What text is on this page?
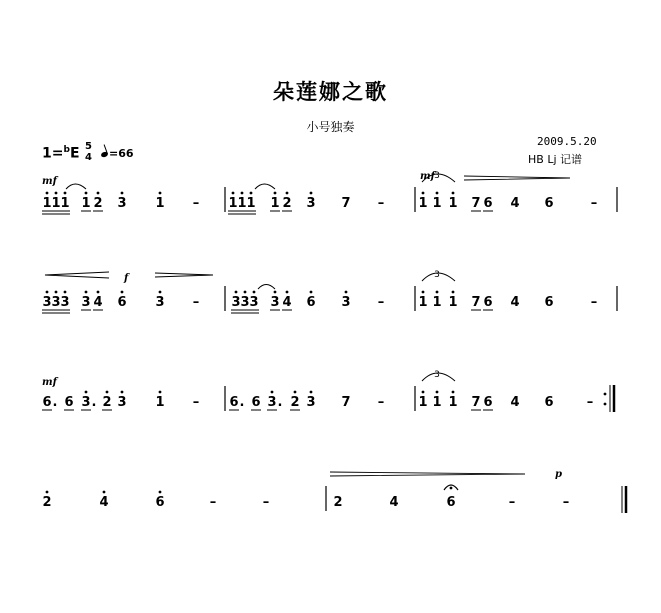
朵莲娜之歌
小号独奏
2009.5.20
HB Lj 记谱
1=$^b$E 5
4	=66
3
3
3
mf	mf
f
mf
p
1 1 1 1 2 3 1 – 1 1 1 1 2 3 7 –	1 1 1 7 6 4 6	–
3 3 3 3 4 6 3 – 3 3 3 3 4 6 3 –	1 1 1 7 6 4 6	–
6 . 6 3 . 2 3 1 – 6 . 6 3 . 2 3 7 –	1 1 1 7 6 4 6	–
2	4	6	–	–	2	4	6	–	–
